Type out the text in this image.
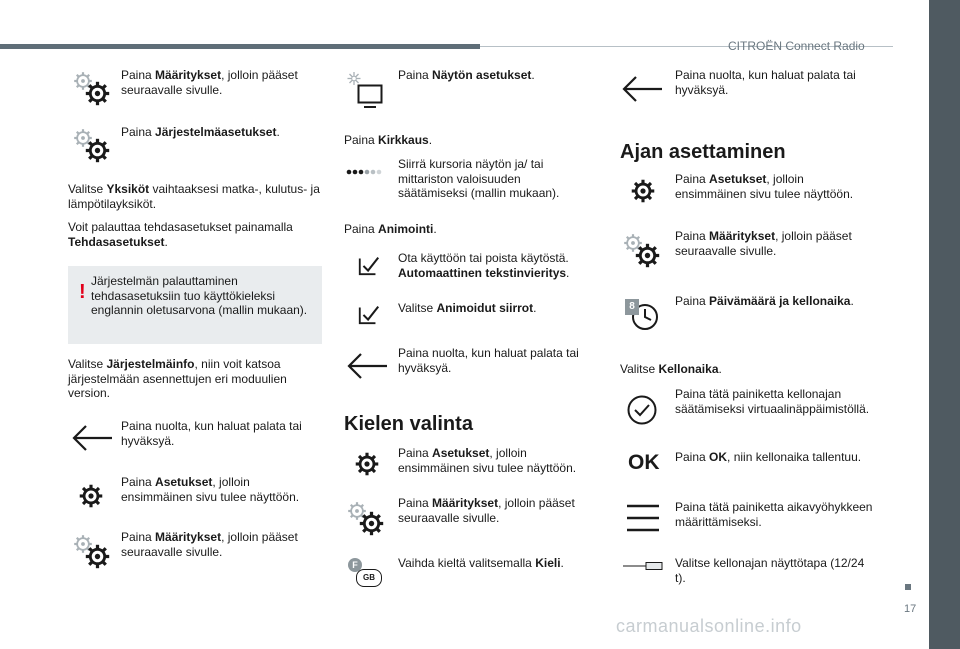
CITROËN Connect Radio
17
carmanualsonline.info
Paina Määritykset, jolloin pääset seuraavalle sivulle.
Paina Järjestelmäasetukset.
Valitse Yksiköt vaihtaaksesi matka-, kulutus- ja lämpötilayksiköt.
Voit palauttaa tehdasasetukset painamalla Tehdasasetukset.
! Järjestelmän palauttaminen tehdasasetuksiin tuo käyttökieleksi englannin oletusarvona (mallin mukaan).
Valitse Järjestelmäinfo, niin voit katsoa järjestelmään asennettujen eri moduulien version.
Paina nuolta, kun haluat palata tai hyväksyä.
Paina Asetukset, jolloin ensimmäinen sivu tulee näyttöön.
Paina Määritykset, jolloin pääset seuraavalle sivulle.
Paina Näytön asetukset.
Paina Kirkkaus.
Siirrä kursoria näytön ja/ tai mittariston valoisuuden säätämiseksi (mallin mukaan).
Paina Animointi.
Ota käyttöön tai poista käytöstä. Automaattinen tekstinvieritys.
Valitse Animoidut siirrot.
Paina nuolta, kun haluat palata tai hyväksyä.
Kielen valinta
Paina Asetukset, jolloin ensimmäinen sivu tulee näyttöön.
Paina Määritykset, jolloin pääset seuraavalle sivulle.
F
GB
Vaihda kieltä valitsemalla Kieli.
Paina nuolta, kun haluat palata tai hyväksyä.
Ajan asettaminen
Paina Asetukset, jolloin ensimmäinen sivu tulee näyttöön.
Paina Määritykset, jolloin pääset seuraavalle sivulle.
8	Paina Päivämäärä ja kellonaika.
Valitse Kellonaika.
Paina tätä painiketta kellonajan säätämiseksi virtuaalinäppäimistöllä.
OK Paina OK, niin kellonaika tallentuu.
Paina tätä painiketta aikavyöhykkeen määrittämiseksi.
Valitse kellonajan näyttötapa (12/24 t).
